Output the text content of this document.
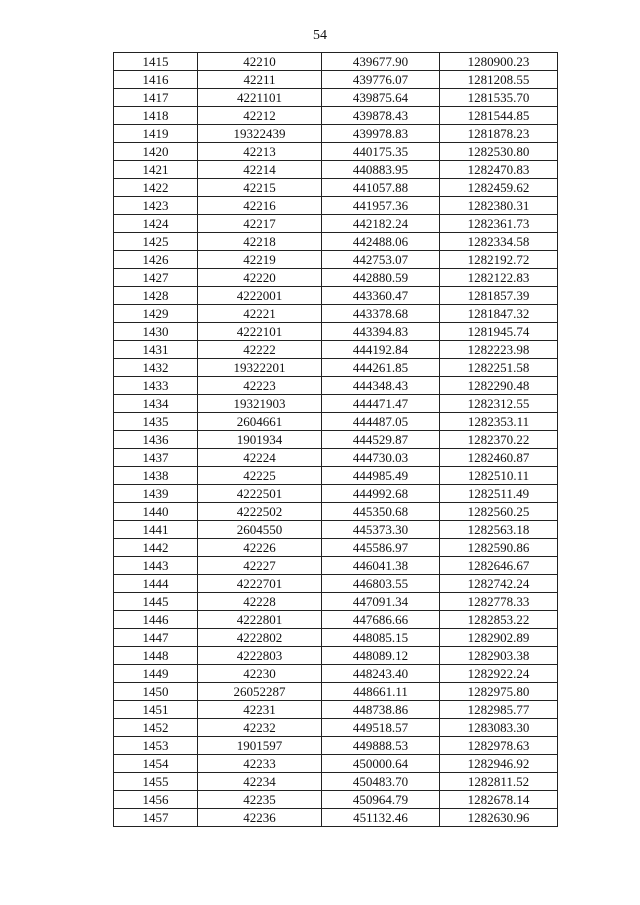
54
1415	42210	439677.90	1280900.23
1416	42211	439776.07	1281208.55
1417	4221101	439875.64	1281535.70
1418	42212	439878.43	1281544.85
1419	19322439	439978.83	1281878.23
1420	42213	440175.35	1282530.80
1421	42214	440883.95	1282470.83
1422	42215	441057.88	1282459.62
1423	42216	441957.36	1282380.31
1424	42217	442182.24	1282361.73
1425	42218	442488.06	1282334.58
1426	42219	442753.07	1282192.72
1427	42220	442880.59	1282122.83
1428	4222001	443360.47	1281857.39
1429	42221	443378.68	1281847.32
1430	4222101	443394.83	1281945.74
1431	42222	444192.84	1282223.98
1432	19322201	444261.85	1282251.58
1433	42223	444348.43	1282290.48
1434	19321903	444471.47	1282312.55
1435	2604661	444487.05	1282353.11
1436	1901934	444529.87	1282370.22
1437	42224	444730.03	1282460.87
1438	42225	444985.49	1282510.11
1439	4222501	444992.68	1282511.49
1440	4222502	445350.68	1282560.25
1441	2604550	445373.30	1282563.18
1442	42226	445586.97	1282590.86
1443	42227	446041.38	1282646.67
1444	4222701	446803.55	1282742.24
1445	42228	447091.34	1282778.33
1446	4222801	447686.66	1282853.22
1447	4222802	448085.15	1282902.89
1448	4222803	448089.12	1282903.38
1449	42230	448243.40	1282922.24
1450	26052287	448661.11	1282975.80
1451	42231	448738.86	1282985.77
1452	42232	449518.57	1283083.30
1453	1901597	449888.53	1282978.63
1454	42233	450000.64	1282946.92
1455	42234	450483.70	1282811.52
1456	42235	450964.79	1282678.14
1457	42236	451132.46	1282630.96
